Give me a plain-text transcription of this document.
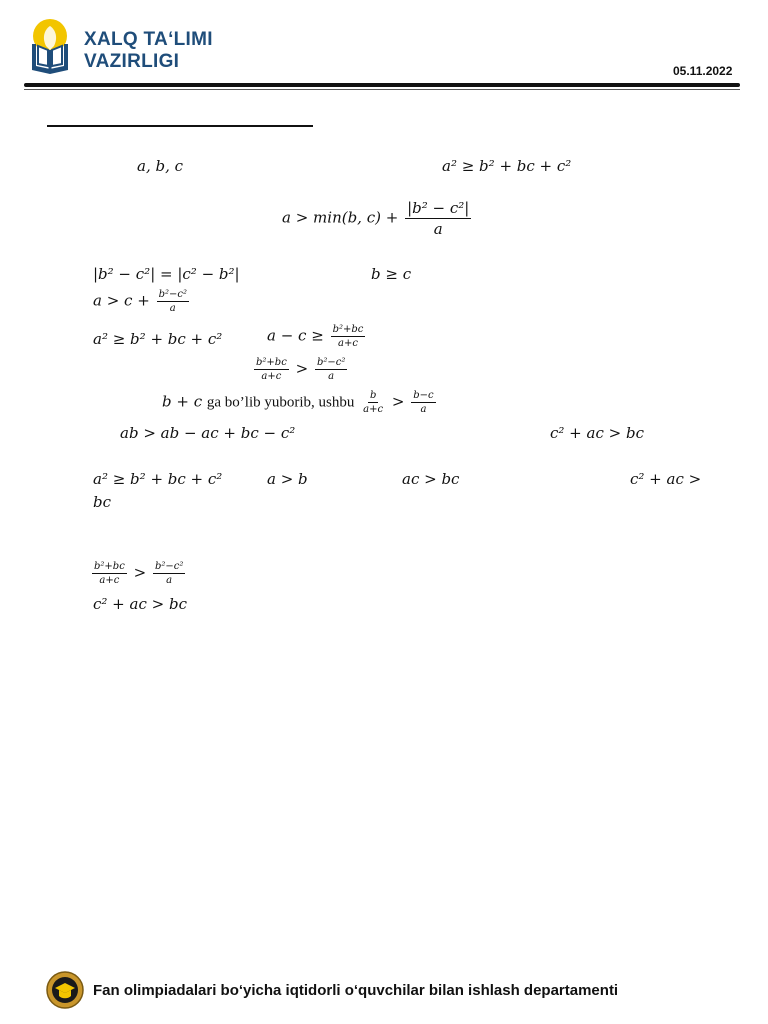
XALQ TAʻLIMI
VAZIRLIGI	05.11.2022
a, b, c	a² ≥ b² + bc + c²
a > min(b, $c) + \frac{\text{|b² − c²|}}{a}$
|b² − c²| = |c² − b²|	b ≥ c
$a > c + \frac{\text{b²−c²}}{a}$
a² ≥ b² + bc + c²	$a - c \ge \frac{\text{b²+bc}}{a+c}$
$\frac{\text{b²+bc}}{a+c} > \frac{\text{b²−c²}}{a}$
b + c ga bo’lib yuborib, ushbu $\frac{b}{a+c} > \frac{b-c}{a}$
ab > ab − ac + bc − c²	c² + ac > bc
a² ≥ b² + bc + c²	a > b	ac > bc	c² + ac >
bc
$\frac{\text{b²+bc}}{a+c} > \frac{\text{b²−c²}}{a}$
c² + ac > bc
Fan olimpiadalari bo‘yicha iqtidorli o‘quvchilar bilan ishlash departamenti
